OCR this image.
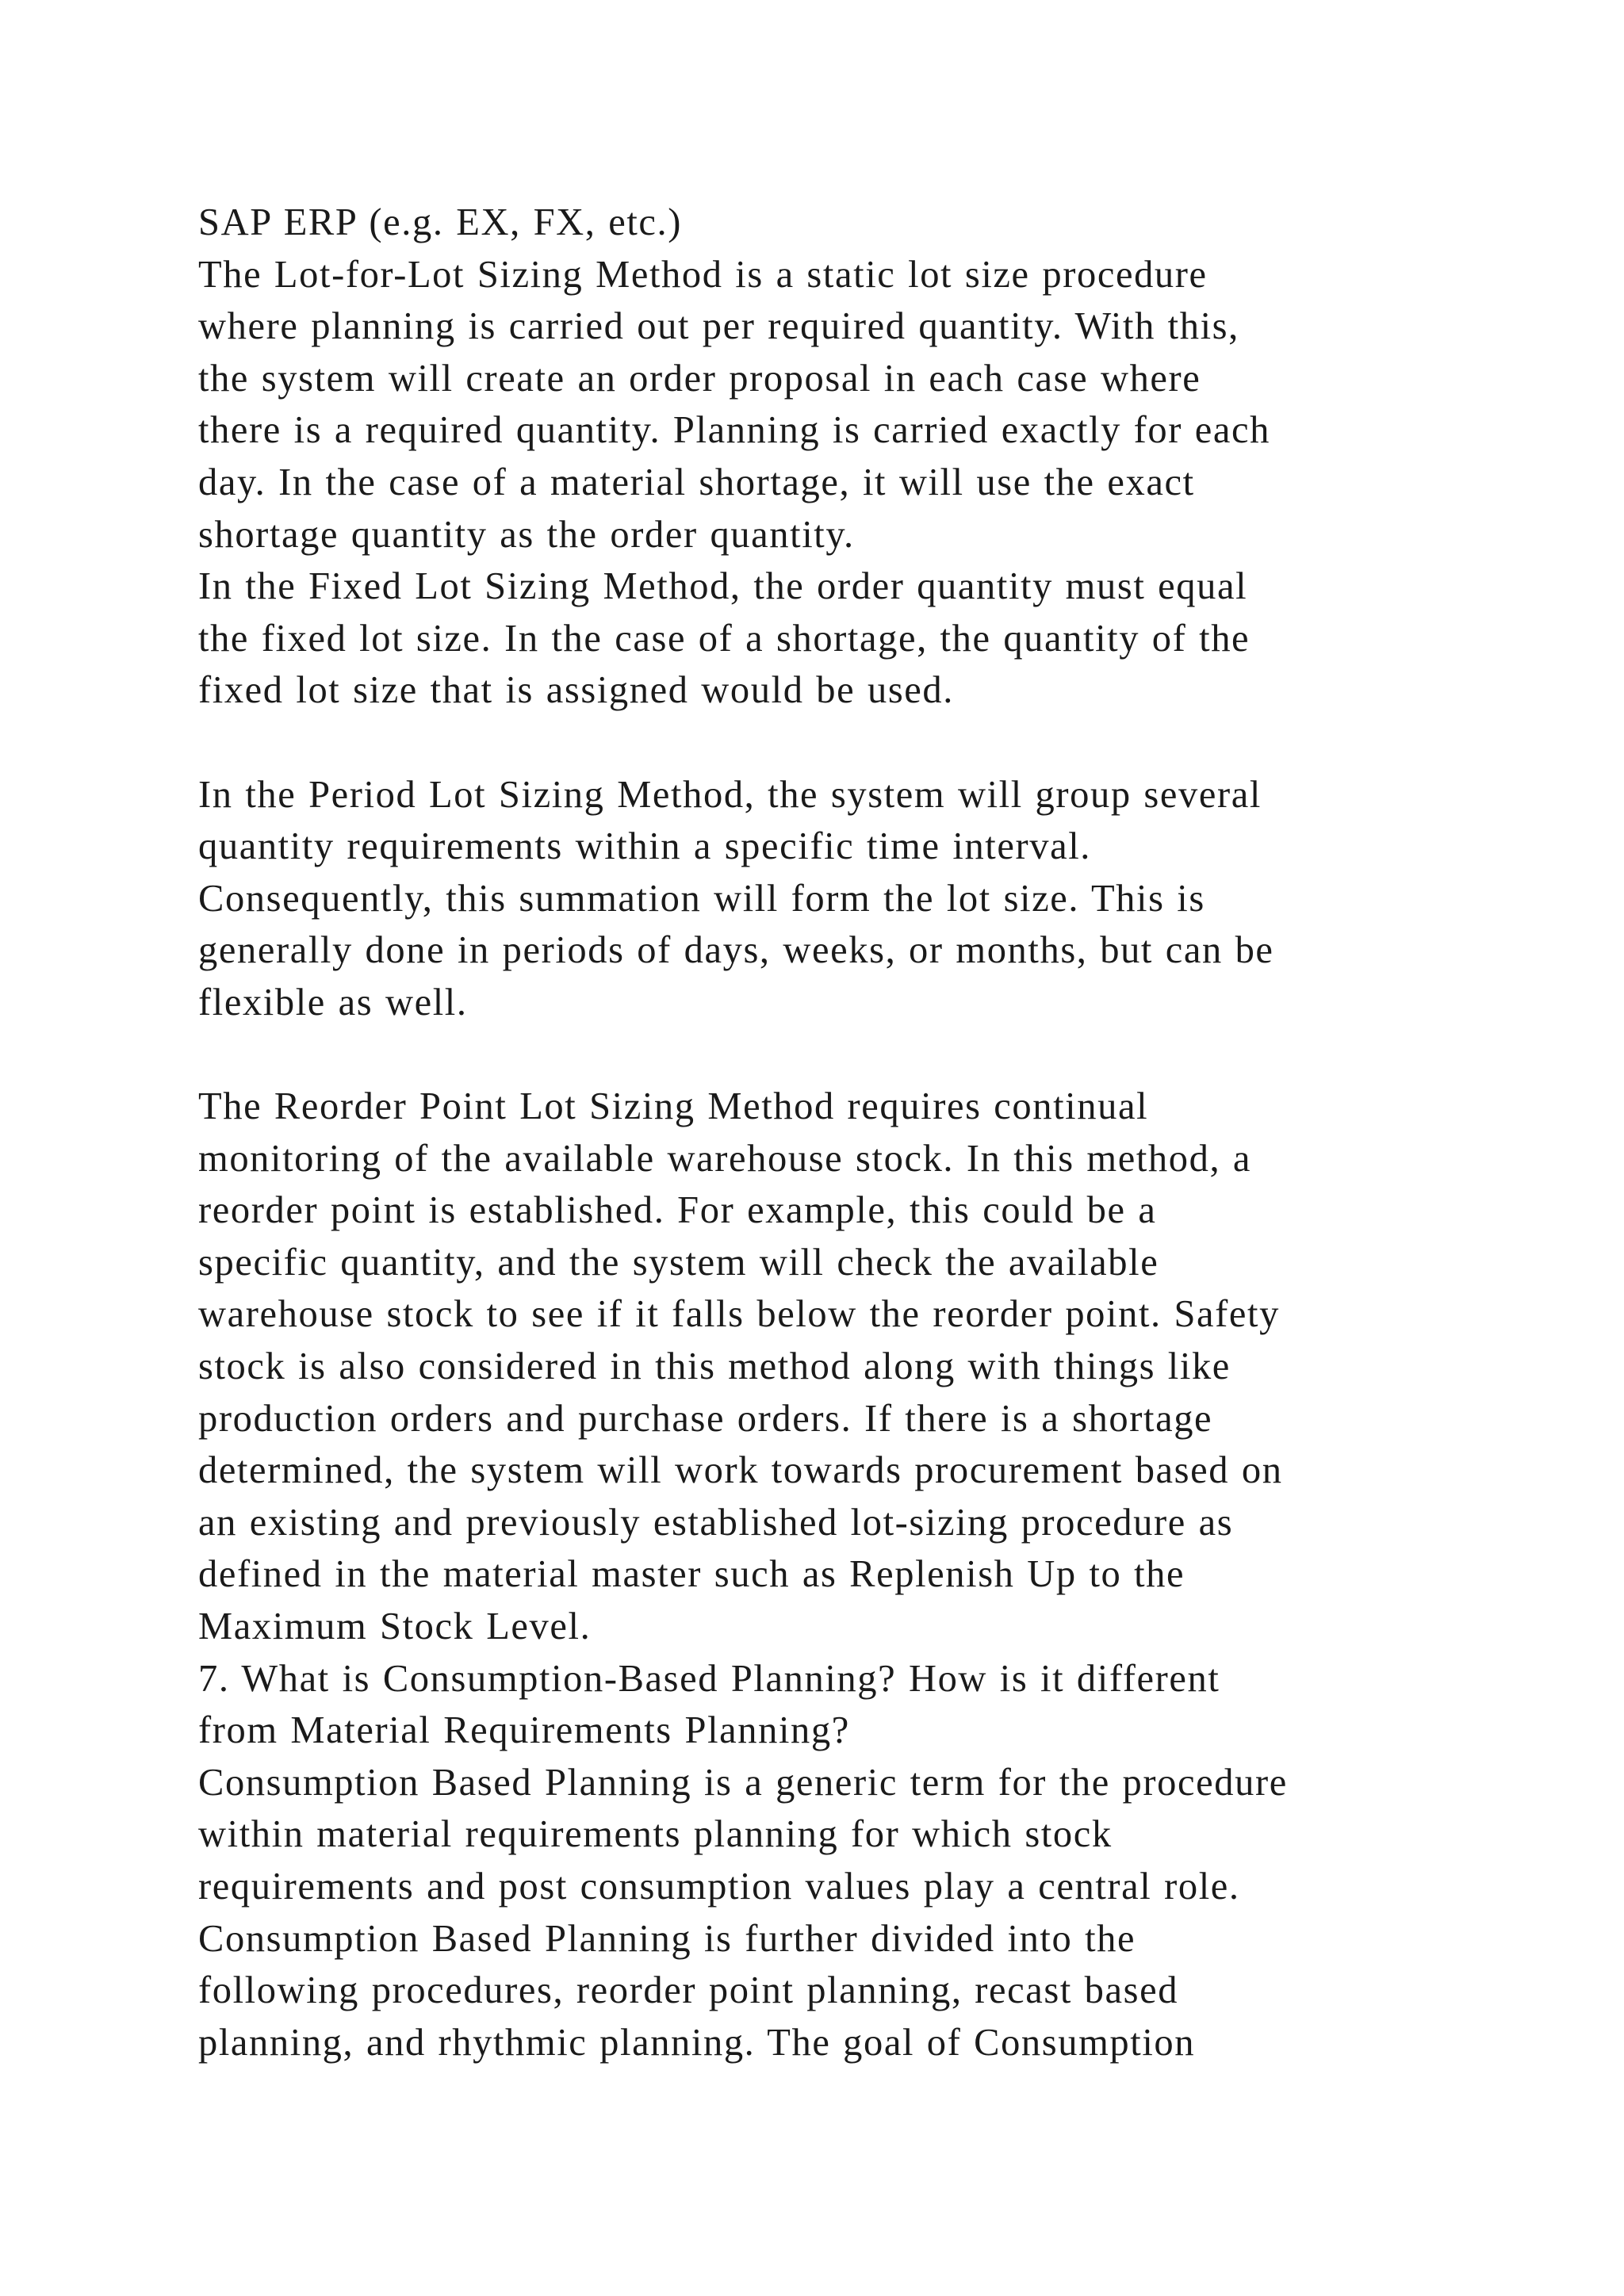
SAP ERP (e.g. EX, FX, etc.)
The Lot-for-Lot Sizing Method is a static lot size procedure
where planning is carried out per required quantity. With this,
the system will create an order proposal in each case where
there is a required quantity. Planning is carried exactly for each
day. In the case of a material shortage, it will use the exact
shortage quantity as the order quantity.
In the Fixed Lot Sizing Method, the order quantity must equal
the fixed lot size. In the case of a shortage, the quantity of the
fixed lot size that is assigned would be used.
In the Period Lot Sizing Method, the system will group several
quantity requirements within a specific time interval.
Consequently, this summation will form the lot size. This is
generally done in periods of days, weeks, or months, but can be
flexible as well.
The Reorder Point Lot Sizing Method requires continual
monitoring of the available warehouse stock. In this method, a
reorder point is established. For example, this could be a
specific quantity, and the system will check the available
warehouse stock to see if it falls below the reorder point. Safety
stock is also considered in this method along with things like
production orders and purchase orders. If there is a shortage
determined, the system will work towards procurement based on
an existing and previously established lot-sizing procedure as
defined in the material master such as Replenish Up to the
Maximum Stock Level.
7. What is Consumption-Based Planning? How is it different
from Material Requirements Planning?
Consumption Based Planning is a generic term for the procedure
within material requirements planning for which stock
requirements and post consumption values play a central role.
Consumption Based Planning is further divided into the
following procedures, reorder point planning, recast based
planning, and rhythmic planning. The goal of Consumption
